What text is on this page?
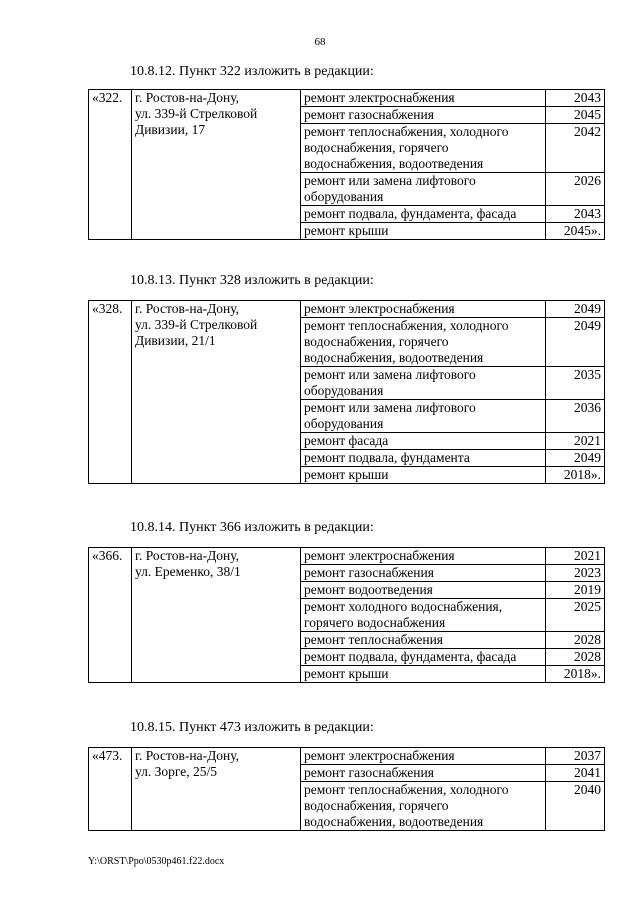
68
10.8.12. Пункт 322 изложить в редакции:
«322.	г. Ростов-на-Дону,
ул. 339-й Стрелковой
Дивизии, 17	ремонт электроснабжения	2043

		ремонт газоснабжения	2045

		ремонт теплоснабжения, холодного
водоснабжения, горячего
водоснабжения, водоотведения	2042

		ремонт или замена лифтового
оборудования	2026

		ремонт подвала, фундамента, фасада	2043

		ремонт крыши	2045».
10.8.13. Пункт 328 изложить в редакции:
«328.	г. Ростов-на-Дону,
ул. 339-й Стрелковой
Дивизии, 21/1	ремонт электроснабжения	2049

		ремонт теплоснабжения, холодного
водоснабжения, горячего
водоснабжения, водоотведения	2049

		ремонт или замена лифтового
оборудования	2035

		ремонт или замена лифтового
оборудования	2036

		ремонт фасада	2021

		ремонт подвала, фундамента	2049

		ремонт крыши	2018».
10.8.14. Пункт 366 изложить в редакции:
«366.	г. Ростов-на-Дону,
ул. Еременко, 38/1	ремонт электроснабжения	2021

		ремонт газоснабжения	2023

		ремонт водоотведения	2019

		ремонт холодного водоснабжения,
горячего водоснабжения	2025

		ремонт теплоснабжения	2028

		ремонт подвала, фундамента, фасада	2028

		ремонт крыши	2018».
10.8.15. Пункт 473 изложить в редакции:
«473.	г. Ростов-на-Дону,
ул. Зорге, 25/5	ремонт электроснабжения	2037

		ремонт газоснабжения	2041

		ремонт теплоснабжения, холодного
водоснабжения, горячего
водоснабжения, водоотведения	2040
Y:\ORST\Ppo\0530p461.f22.docx
